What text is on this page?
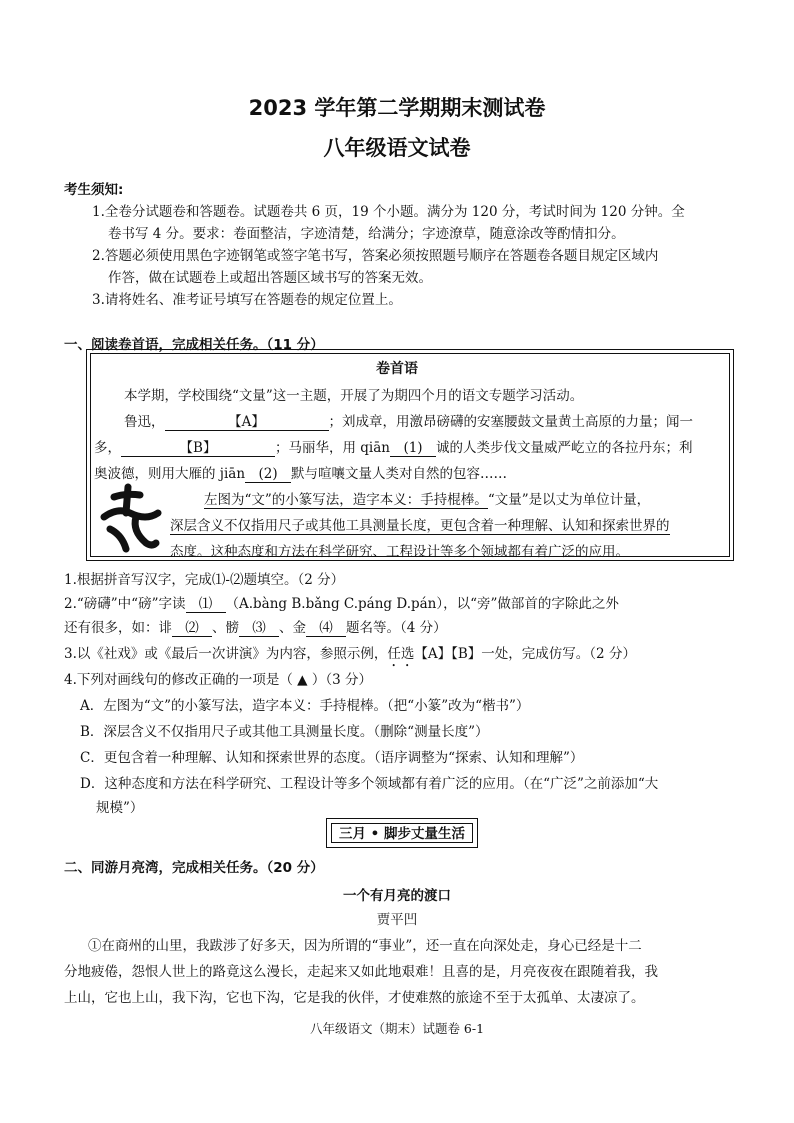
2023 学年第二学期期末测试卷
八年级语文试卷
考生须知:
1.全卷分试题卷和答题卷。试题卷共 6 页，19 个小题。满分为 120 分，考试时间为 120 分钟。全
卷书写 4 分。要求：卷面整洁，字迹清楚，给满分；字迹潦草，随意涂改等酌情扣分。
2.答题必须使用黑色字迹钢笔或签字笔书写，答案必须按照题号顺序在答题卷各题目规定区域内
作答，做在试题卷上或超出答题区域书写的答案无效。
3.请将姓名、准考证号填写在答题卷的规定位置上。
一、阅读卷首语，完成相关任务。（11 分）
卷首语
本学期，学校围绕“文量”这一主题，开展了为期四个月的语文专题学习活动。
鲁迅，	【A】	；刘成章，用激昂磅礴的安塞腰鼓文量黄土高原的力量；闻一
多，	【B】	；马丽华，用 qiān (1) 诚的人类步伐文量威严屹立的各拉丹东；利
奥波德，则用大雁的 jiān (2) 默与喧嚷文量人类对自然的包容……
左图为“文”的小篆写法，造字本义：手持棍棒。“文量”是以丈为单位计量，
深层含义不仅指用尺子或其他工具测量长度，更包含着一种理解、认知和探索世界的
态度。这种态度和方法在科学研究、工程设计等多个领域都有着广泛的应用。
1.根据拼音写汉字，完成⑴-⑵题填空。（2 分）
2.“磅礴”中“磅”字读 ⑴ （A.bàng B.bǎng C.páng D.pán），以“旁”做部首的字除此之外
还有很多，如：诽 ⑵ 、髈 ⑶ 、金 ⑷ 题名等。（4 分）
3.以《社戏》或《最后一次讲演》为内容，参照示例，任选【A】【B】一处，完成仿写。（2 分）
4.下列对画线句的修改正确的一项是（ ▲ ）（3 分）
A．左图为“文”的小篆写法，造字本义：手持棍棒。（把“小篆”改为“楷书”）
B．深层含义不仅指用尺子或其他工具测量长度。（删除“测量长度”）
C．更包含着一种理解、认知和探索世界的态度。（语序调整为“探索、认知和理解”）
D．这种态度和方法在科学研究、工程设计等多个领域都有着广泛的应用。（在“广泛”之前添加“大
规模”）
三月 • 脚步丈量生活
二、同游月亮湾，完成相关任务。（20 分）
一个有月亮的渡口
贾平凹
①在商州的山里，我跋涉了好多天，因为所谓的“事业”，还一直在向深处走，身心已经是十二
分地疲倦，怨恨人世上的路竟这么漫长，走起来又如此地艰难！且喜的是，月亮夜夜在跟随着我，我
上山，它也上山，我下沟，它也下沟，它是我的伙伴，才使难熬的旅途不至于太孤单、太凄凉了。
八年级语文（期末）试题卷 6-1
